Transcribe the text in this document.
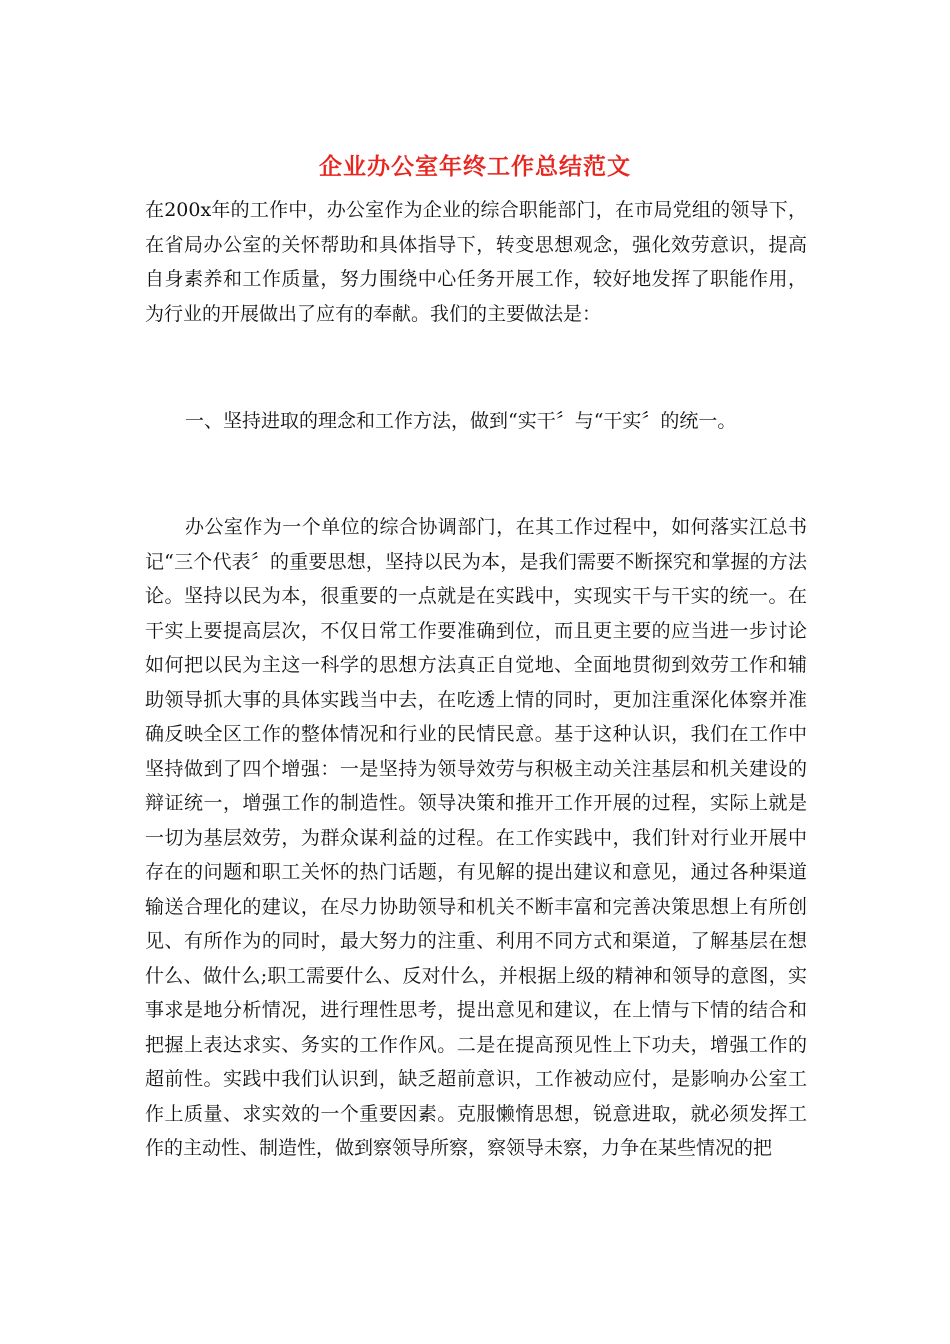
企业办公室年终工作总结范文

在200x年的工作中，办公室作为企业的综合职能部门，在市局党组的领导下，在省局办公室的关怀帮助和具体指导下，转变思想观念，强化效劳意识，提高自身素养和工作质量，努力围绕中心任务开展工作，较好地发挥了职能作用，为行业的开展做出了应有的奉献。我们的主要做法是：

一、坚持进取的理念和工作方法，做到“实干〞与“干实〞的统一。

办公室作为一个单位的综合协调部门，在其工作过程中，如何落实江总书记“三个代表〞的重要思想，坚持以民为本，是我们需要不断探究和掌握的方法论。坚持以民为本，很重要的一点就是在实践中，实现实干与干实的统一。在干实上要提高层次，不仅日常工作要准确到位，而且更主要的应当进一步讨论如何把以民为主这一科学的思想方法真正自觉地、全面地贯彻到效劳工作和辅助领导抓大事的具体实践当中去，在吃透上情的同时，更加注重深化体察并准确反映全区工作的整体情况和行业的民情民意。基于这种认识，我们在工作中坚持做到了四个增强：一是坚持为领导效劳与积极主动关注基层和机关建设的辩证统一，增强工作的制造性。领导决策和推开工作开展的过程，实际上就是一切为基层效劳，为群众谋利益的过程。在工作实践中，我们针对行业开展中存在的问题和职工关怀的热门话题，有见解的提出建议和意见，通过各种渠道输送合理化的建议，在尽力协助领导和机关不断丰富和完善决策思想上有所创见、有所作为的同时，最大努力的注重、利用不同方式和渠道，了解基层在想什么、做什么;职工需要什么、反对什么，并根据上级的精神和领导的意图，实事求是地分析情况，进行理性思考，提出意见和建议，在上情与下情的结合和把握上表达求实、务实的工作作风。二是在提高预见性上下功夫，增强工作的超前性。实践中我们认识到，缺乏超前意识，工作被动应付，是影响办公室工作上质量、求实效的一个重要因素。克服懒惰思想，锐意进取，就必须发挥工作的主动性、制造性，做到察领导所察，察领导未察，力争在某些情况的把
